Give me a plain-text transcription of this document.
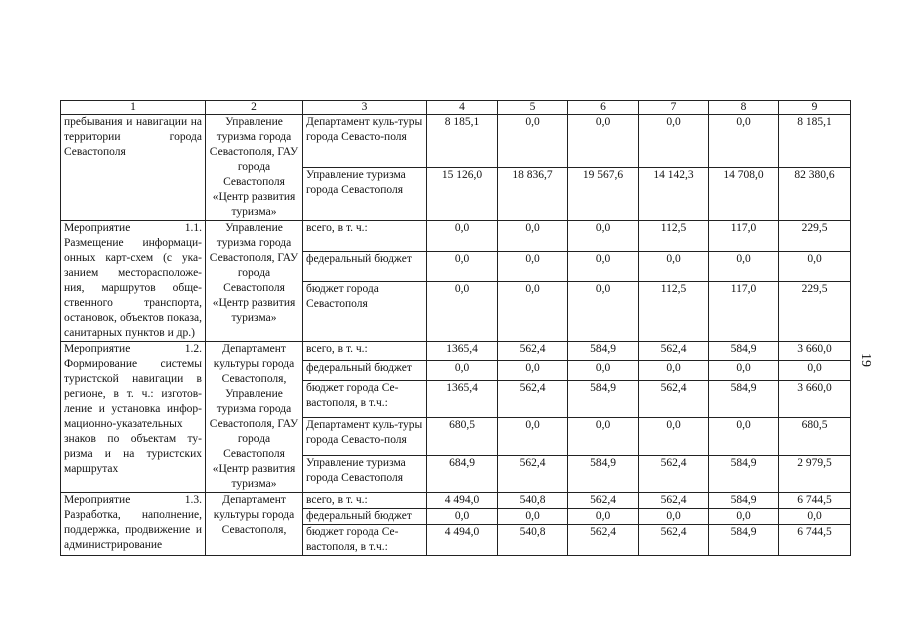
1	2	3	4	5	6	7	8	9
пребывания и навигации на территории города Севастополя	Управление туризма города Севастополя, ГАУ города Севастополя «Центр развития туризма»	Департамент куль-туры города Севасто-поля	8 185,1	0,0	0,0	0,0	0,0	8 185,1
		Управление туризма города Севастополя	15 126,0	18 836,7	19 567,6	14 142,3	14 708,0	82 380,6
Мероприятие 1.1. Размещение информаци-онных карт-схем (с ука-занием месторасположе-ния, маршрутов обще-ственного транспорта, остановок, объектов показа, санитарных пунктов и др.)	Управление туризма города Севастополя, ГАУ города Севастополя «Центр развития туризма»	всего, в т. ч.:	0,0	0,0	0,0	112,5	117,0	229,5
		федеральный бюджет	0,0	0,0	0,0	0,0	0,0	0,0
		бюджет города Севастополя	0,0	0,0	0,0	112,5	117,0	229,5
Мероприятие 1.2. Формирование системы туристской навигации в регионе, в т. ч.: изготов-ление и установка инфор-мационно-указательных знаков по объектам ту-ризма и на туристских маршрутах	Департамент культуры города Севастополя, Управление туризма города Севастополя, ГАУ города Севастополя «Центр развития туризма»	всего, в т. ч.:	1365,4	562,4	584,9	562,4	584,9	3 660,0
		федеральный бюджет	0,0	0,0	0,0	0,0	0,0	0,0
		бюджет города Се-вастополя, в т.ч.:	1365,4	562,4	584,9	562,4	584,9	3 660,0
		Департамент куль-туры города Севасто-поля	680,5	0,0	0,0	0,0	0,0	680,5
		Управление туризма города Севастополя	684,9	562,4	584,9	562,4	584,9	2 979,5
Мероприятие 1.3. Разработка, наполнение, поддержка, продвижение и администрирование	Департамент культуры города Севастополя,	всего, в т. ч.:	4 494,0	540,8	562,4	562,4	584,9	6 744,5
		федеральный бюджет	0,0	0,0	0,0	0,0	0,0	0,0
		бюджет города Се-вастополя, в т.ч.:	4 494,0	540,8	562,4	562,4	584,9	6 744,5
19
